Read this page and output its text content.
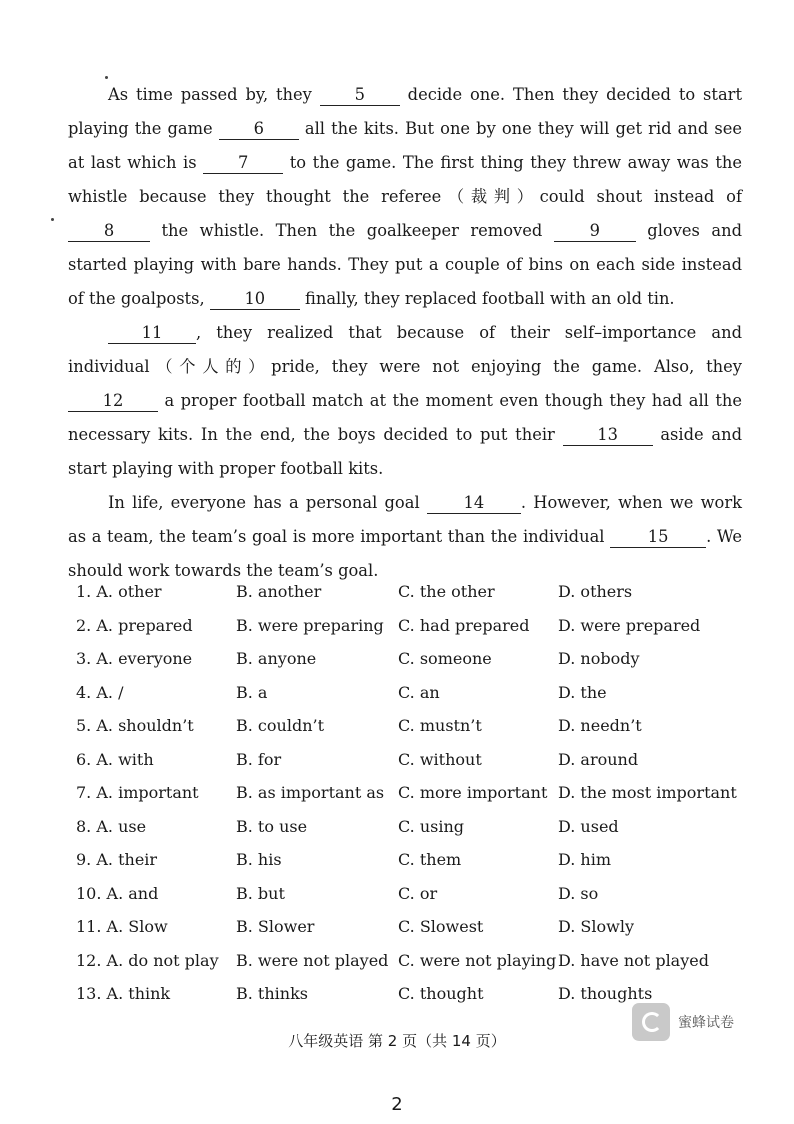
As time passed by, they 5 decide one. Then they decided to start playing the game 6 all the kits. But one by one they will get rid and see at last which is 7 to the game. The first thing they threw away was the whistle because they thought the referee（裁判）could shout instead of 8 the whistle. Then the goalkeeper removed 9 gloves and started playing with bare hands. They put a couple of bins on each side instead of the goalposts, 10 finally, they replaced football with an old tin.

11 , they realized that because of their self–importance and individual（个人的）pride, they were not enjoying the game. Also, they 12 a proper football match at the moment even though they had all the necessary kits. In the end, the boys decided to put their 13 aside and start playing with proper football kits.

In life, everyone has a personal goal 14 . However, when we work as a team, the team’s goal is more important than the individual 15 . We should work towards the team’s goal.

1. A. other	B. another	C. the other	D. others
2. A. prepared	B. were preparing C. had prepared D. were prepared
3. A. everyone	B. anyone	C. someone	D. nobody
4. A. /	B. a	C. an	D. the
5. A. shouldn’t	B. couldn’t	C. mustn’t	D. needn’t
6. A. with	B. for	C. without	D. around
7. A. important B. as important as C. more important D. the most important
8. A. use	B. to use	C. using	D. used
9. A. their	B. his	C. them	D. him
10. A. and	B. but	C. or	D. so
11. A. Slow	B. Slower	C. Slowest	D. Slowly
12. A. do not play B. were not played C. were not playing D. have not played
13. A. think	B. thinks	C. thought	D. thoughts
蜜蜂试卷
八年级英语 第 2 页（共 14 页）
2
